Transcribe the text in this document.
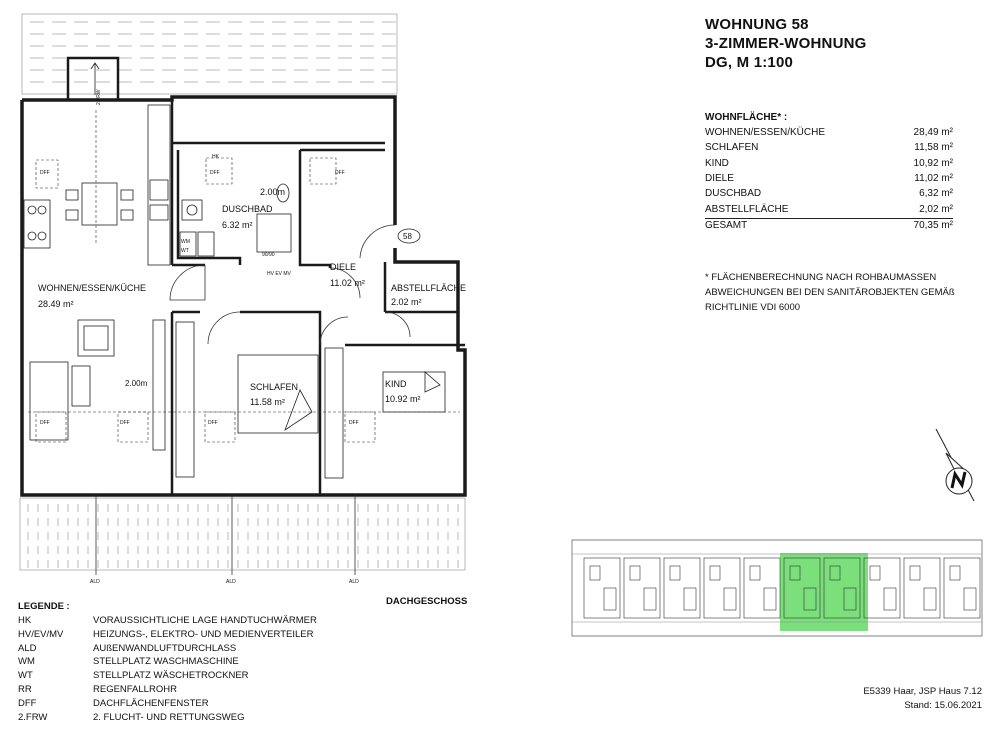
58
WOHNEN/ESSEN/KÜCHE
28.49 m²
DUSCHBAD
6.32 m²
2.00m
DIELE
11.02 m²	ABSTELLFLÄCHE
2.02 m²
SCHLAFEN
11.58 m²
KIND
10.92 m²
2.00m
2.FRW
HK
WM
WT
HV EV MV
90/90
DFF	DFF	DFF
DFF	DFF	DFF	DFF
ALD	ALD	ALD
DACHGESCHOSS
WOHNUNG 58
3-ZIMMER-WOHNUNG
DG, M 1:100
WOHNFLÄCHE* :
WOHNEN/ESSEN/KÜCHE	28,49 m²
SCHLAFEN	11,58 m²
KIND	10,92 m²
DIELE	11,02 m²
DUSCHBAD	6,32 m²
ABSTELLFLÄCHE	2,02 m²
GESAMT	70,35 m²
* FLÄCHENBERECHNUNG NACH ROHBAUMASSEN
ABWEICHUNGEN BEI DEN SANITÄROBJEKTEN GEMÄß
RICHTLINIE VDI 6000
LEGENDE :
HK	VORAUSSICHTLICHE LAGE HANDTUCHWÄRMER
HV/EV/MV	HEIZUNGS-, ELEKTRO- UND MEDIENVERTEILER
ALD	AUßENWANDLUFTDURCHLASS
WM	STELLPLATZ WASCHMASCHINE
WT	STELLPLATZ WÄSCHETROCKNER
RR	REGENFALLROHR
DFF	DACHFLÄCHENFENSTER
2.FRW	2. FLUCHT- UND RETTUNGSWEG
E5339 Haar, JSP Haus 7.12
Stand: 15.06.2021
